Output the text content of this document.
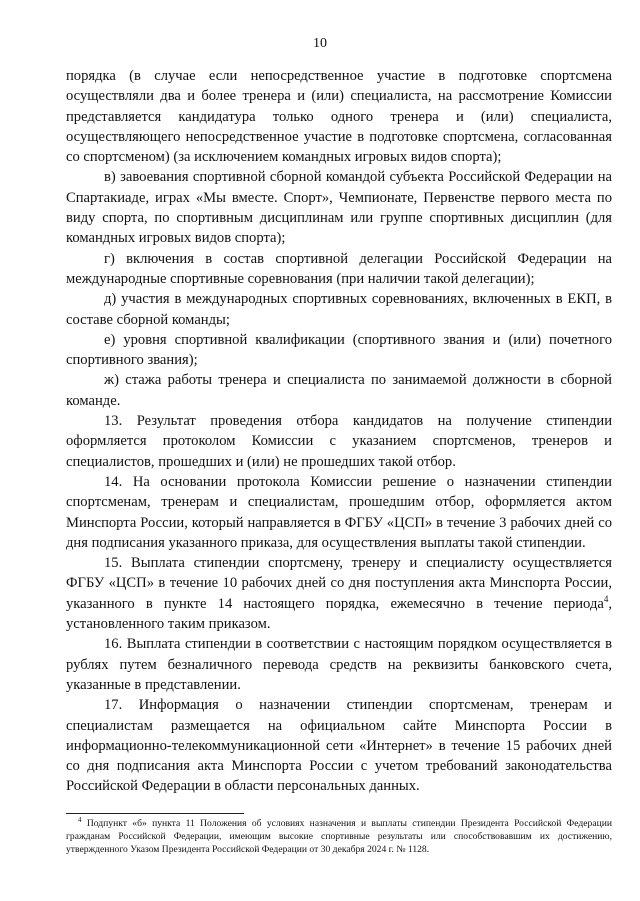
10

порядка (в случае если непосредственное участие в подготовке спортсмена осуществляли два и более тренера и (или) специалиста, на рассмотрение Комиссии представляется кандидатура только одного тренера и (или) специалиста, осуществляющего непосредственное участие в подготовке спортсмена, согласованная со спортсменом) (за исключением командных игровых видов спорта);

в) завоевания спортивной сборной командой субъекта Российской Федерации на Спартакиаде, играх «Мы вместе. Спорт», Чемпионате, Первенстве первого места по виду спорта, по спортивным дисциплинам или группе спортивных дисциплин (для командных игровых видов спорта);

г) включения в состав спортивной делегации Российской Федерации на международные спортивные соревнования (при наличии такой делегации);

д) участия в международных спортивных соревнованиях, включенных в ЕКП, в составе сборной команды;

е) уровня спортивной квалификации (спортивного звания и (или) почетного спортивного звания);

ж) стажа работы тренера и специалиста по занимаемой должности в сборной команде.

13. Результат проведения отбора кандидатов на получение стипендии оформляется протоколом Комиссии с указанием спортсменов, тренеров и специалистов, прошедших и (или) не прошедших такой отбор.

14. На основании протокола Комиссии решение о назначении стипендии спортсменам, тренерам и специалистам, прошедшим отбор, оформляется актом Минспорта России, который направляется в ФГБУ «ЦСП» в течение 3 рабочих дней со дня подписания указанного приказа, для осуществления выплаты такой стипендии.

15. Выплата стипендии спортсмену, тренеру и специалисту осуществляется ФГБУ «ЦСП» в течение 10 рабочих дней со дня поступления акта Минспорта России, указанного в пункте 14 настоящего порядка, ежемесячно в течение периода$^4$, установленного таким приказом.

16. Выплата стипендии в соответствии с настоящим порядком осуществляется в рублях путем безналичного перевода средств на реквизиты банковского счета, указанные в представлении.

17. Информация о назначении стипендии спортсменам, тренерам и специалистам размещается на официальном сайте Минспорта России в информационно-телекоммуникационной сети «Интернет» в течение 15 рабочих дней со дня подписания акта Минспорта России с учетом требований законодательства Российской Федерации в области персональных данных.

$^4$ Подпункт «б» пункта 11 Положения об условиях назначения и выплаты стипендии Президента Российской Федерации гражданам Российской Федерации, имеющим высокие спортивные результаты или способствовавшим их достижению, утвержденного Указом Президента Российской Федерации от 30 декабря 2024 г. № 1128.
